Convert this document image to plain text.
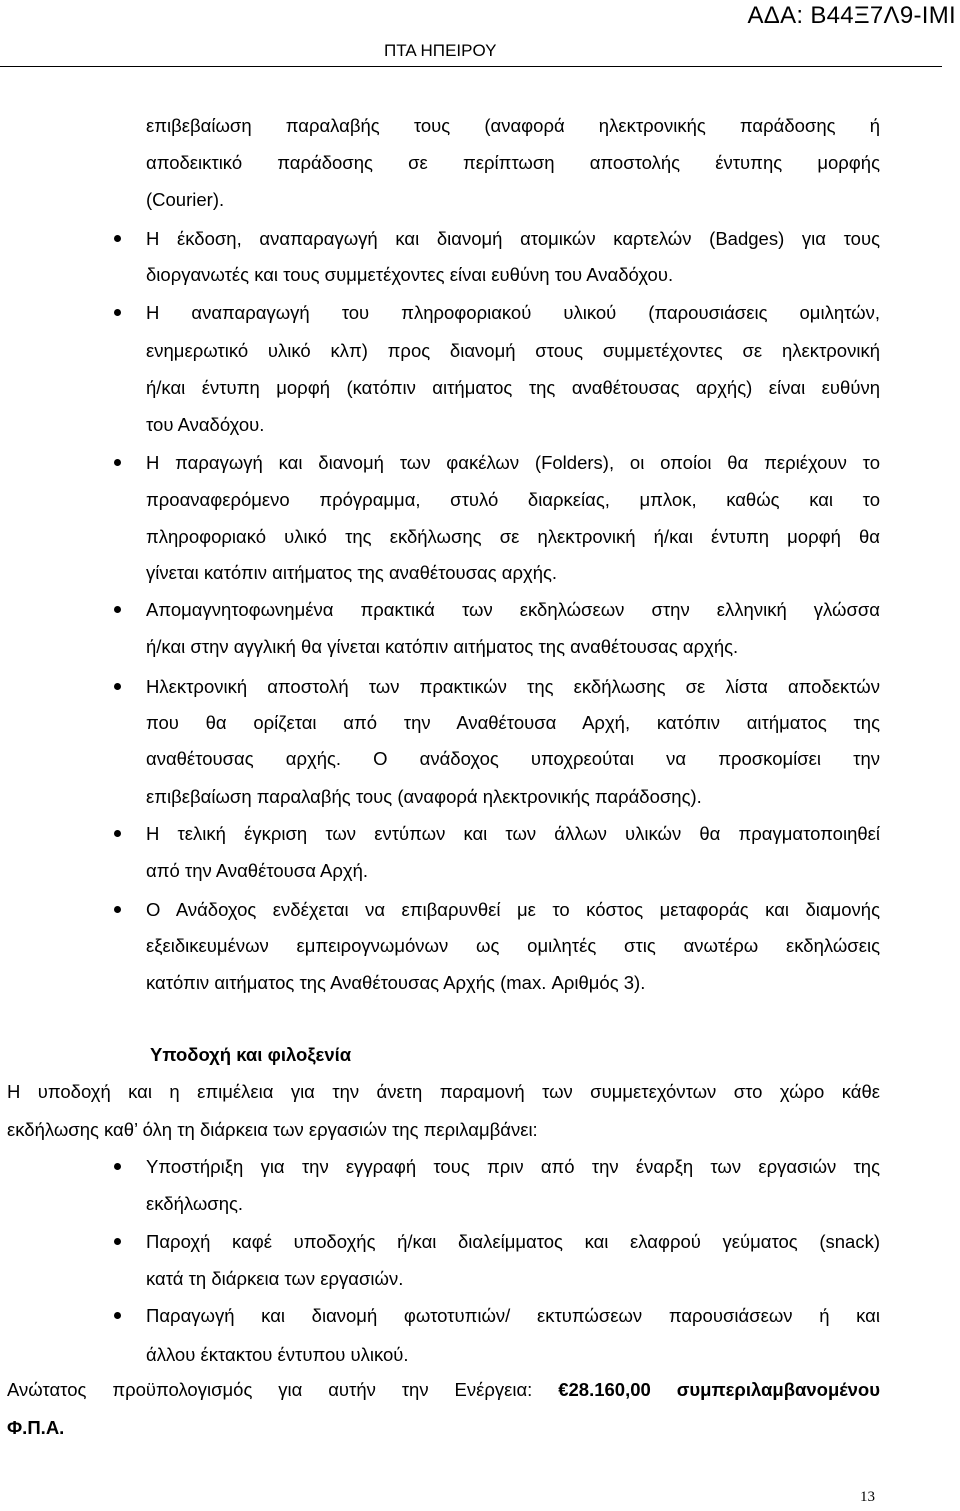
ΑΔΑ: Β44Ξ7Λ9-ΙΜΙ
ΠΤΑ ΗΠΕΙΡΟΥ
επιβεβαίωση παραλαβής τους (αναφορά ηλεκτρονικής παράδοσης ή
αποδεικτικό παράδοσης σε περίπτωση αποστολής έντυπης μορφής
(Courier).
Η έκδοση, αναπαραγωγή και διανομή ατομικών καρτελών (Badges) για τους
διοργανωτές και τους συμμετέχοντες είναι ευθύνη του Αναδόχου.
Η αναπαραγωγή του πληροφοριακού υλικού (παρουσιάσεις ομιλητών,
ενημερωτικό υλικό κλπ) προς διανομή στους συμμετέχοντες σε ηλεκτρονική
ή/και έντυπη μορφή (κατόπιν αιτήματος της αναθέτουσας αρχής) είναι ευθύνη
του Αναδόχου.
Η παραγωγή και διανομή των φακέλων (Folders), οι οποίοι θα περιέχουν το
προαναφερόμενο πρόγραμμα, στυλό διαρκείας, μπλοκ, καθώς και το
πληροφοριακό υλικό της εκδήλωσης σε ηλεκτρονική ή/και έντυπη μορφή θα
γίνεται κατόπιν αιτήματος της αναθέτουσας αρχής.
Απομαγνητοφωνημένα πρακτικά των εκδηλώσεων στην ελληνική γλώσσα
ή/και στην αγγλική θα γίνεται κατόπιν αιτήματος της αναθέτουσας αρχής.
Ηλεκτρονική αποστολή των πρακτικών της εκδήλωσης σε λίστα αποδεκτών
που θα ορίζεται από την Αναθέτουσα Αρχή, κατόπιν αιτήματος της
αναθέτουσας αρχής. Ο ανάδοχος υποχρεούται να προσκομίσει την
επιβεβαίωση παραλαβής τους (αναφορά ηλεκτρονικής παράδοσης).
Η τελική έγκριση των εντύπων και των άλλων υλικών θα πραγματοποιηθεί
από την Αναθέτουσα Αρχή.
Ο Ανάδοχος ενδέχεται να επιβαρυνθεί με το κόστος μεταφοράς και διαμονής
εξειδικευμένων εμπειρογνωμόνων ως ομιλητές στις ανωτέρω εκδηλώσεις
κατόπιν αιτήματος της Αναθέτουσας Αρχής (max. Αριθμός 3).
Υποδοχή και φιλοξενία
Η υποδοχή και η επιμέλεια για την άνετη παραμονή των συμμετεχόντων στο χώρο κάθε
εκδήλωσης καθ’ όλη τη διάρκεια των εργασιών της περιλαμβάνει:
Υποστήριξη για την εγγραφή τους πριν από την έναρξη των εργασιών της
εκδήλωσης.
Παροχή καφέ υποδοχής ή/και διαλείμματος και ελαφρού γεύματος (snack)
κατά τη διάρκεια των εργασιών.
Παραγωγή και διανομή φωτοτυπιών/ εκτυπώσεων παρουσιάσεων ή και
άλλου έκτακτου έντυπου υλικού.
Ανώτατος προϋπολογισμός για αυτήν την Ενέργεια: €28.160,00 συμπεριλαμβανομένου
Φ.Π.Α.
13
